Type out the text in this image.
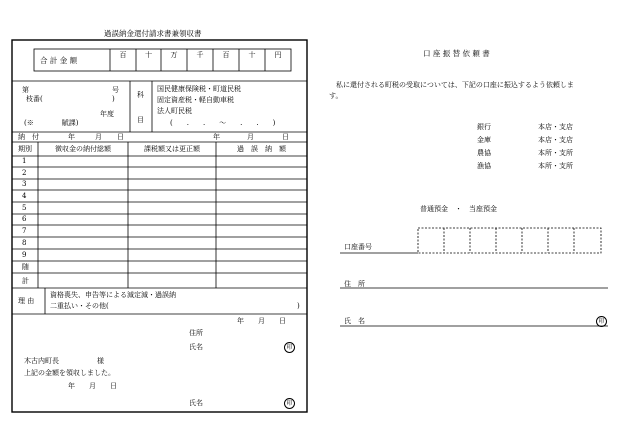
過誤納金還付請求書兼領収書
合 計 金 額
百	十	万	千	百	十	円
第	号
枝番(	)
年度
(※　　　　賦課)
科
目
国民健康保険税・町道民税
固定資産税・軽自動車税
法人町民税
(　　.　　.　　〜　　.　　.　　)
納　付	年	月 日	年	月	日
期別	徴収金の納付総額	課税額又は更正額	過　誤　納　額
1
2
3
4
5
6
7
8
9
随
計
理 由
資格喪失、申告等による減定減・過誤納
二重払い・その他(	)
年　　月　　日
住所
氏名	印
木古内町長	様
上記の金額を領収しました。
年　　月　　日
氏名	印
口 座 振 替 依 頼 書
私に還付される町税の受取については、下記の口座に振込するよう依頼しま
す。
銀行	本店・支店
金庫	本店・支店
農協	本所・支所
漁協	本所・支所
普通預金　・　当座預金
口座番号
住　所
氏　名	印
